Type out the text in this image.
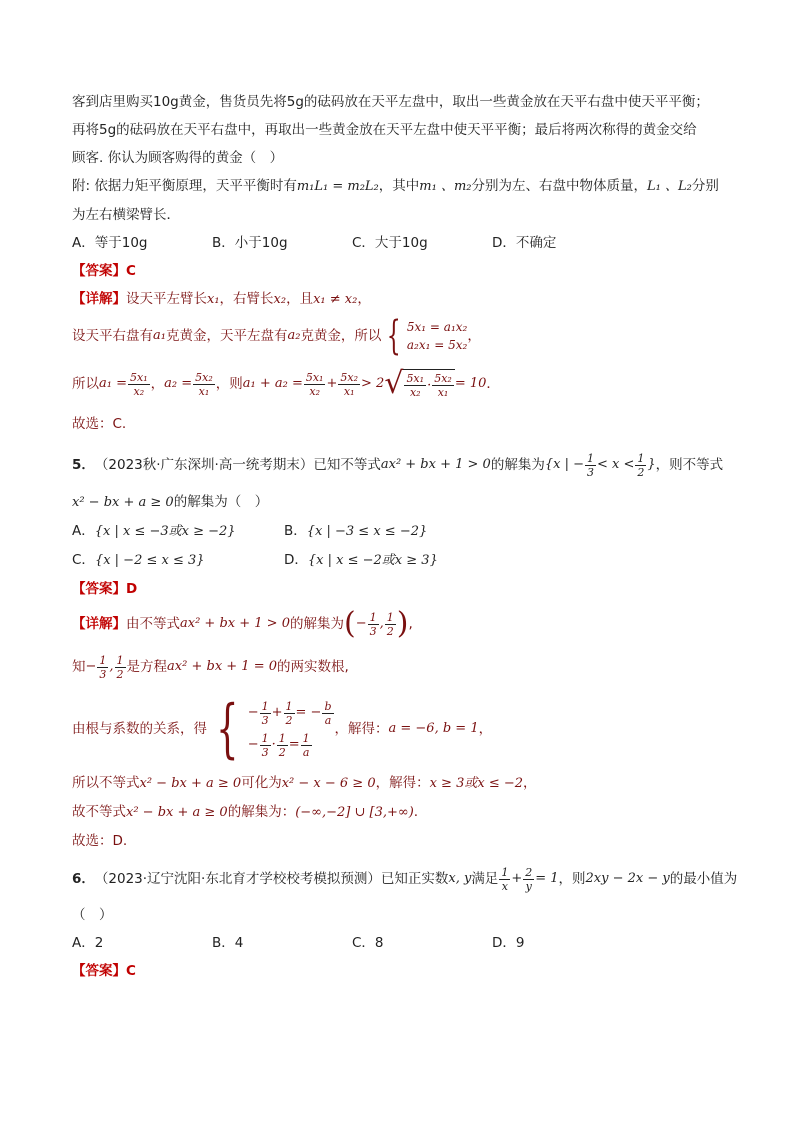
客到店里购买10g黄金，售货员先将5g的砝码放在天平左盘中，取出一些黄金放在天平右盘中使天平平衡；
再将5g的砝码放在天平右盘中，再取出一些黄金放在天平左盘中使天平平衡；最后将两次称得的黄金交给
顾客. 你认为顾客购得的黄金（　）
附: 依据力矩平衡原理，天平平衡时有m₁L₁ = m₂L₂，其中m₁ 、m₂分别为左、右盘中物体质量，L₁ 、L₂分别
为左右横梁臂长．
A．等于10g	B．小于10g	C．大于10g	D．不确定
【答案】C
【详解】设天平左臂长x₁，右臂长x₂，且x₁ ≠ x₂，
设天平右盘有 a₁ 克黄金，天平左盘有 a₂ 克黄金，所以 { 5x₁ = a₁x₂
a₂x₁ = 5x₂
，
所以 $a_1 = \frac{\text{5x₁}}{\text{x₂}}$ ， $a_2 = \frac{\text{5x₂}}{\text{x₁}}$ ，则 $a_1 + a_2 = \frac{\text{5x₁}}{\text{x₂}} + \frac{\text{5x₂}}{\text{x₁}} > 2$ √ $\frac{\text{5x₁}}{\text{x₂}} \cdot \frac{\text{5x₂}}{\text{x₁}} = 10$ ．
故选：C.
5． （2023秋·广东深圳·高一统考期末） 已知不等式 ax² + bx + 1 > 0 的解集为 {x | − $\frac{1}{3} < x < \frac{1}{2}$ } ，则不等式
x² − bx + a ≥ 0的解集为（　）
A．{x | x ≤ −3或x ≥ −2}	B．{x | −3 ≤ x ≤ −2}
C．{x | −2 ≤ x ≤ 3}	D．{x | x ≤ −2或x ≥ 3}
【答案】D
【详解】 由不等式 ax² + bx + 1 > 0 的解集为 ( − $\frac{1}{3}$ , $\frac{1}{2}$ ) ,
知 − $\frac{1}{3}$ , $\frac{1}{2}$ 是方程 ax² + bx + 1 = 0 的两实数根,
由根与系数的关系，得 { − $\frac{1}{3} + \frac{1}{2}$ = − $\frac{b}{a}$
− $\frac{1}{3} \cdot \frac{1}{2} = \frac{1}{a}$
，解得： a = −6, b = 1 ，
所以不等式x² − bx + a ≥ 0可化为x² − x − 6 ≥ 0，解得：x ≥ 3或x ≤ −2，
故不等式x² − bx + a ≥ 0的解集为：(−∞,−2] ∪ [3,+∞).
故选：D.
6． （2023·辽宁沈阳·东北育才学校校考模拟预测） 已知正实数 x, y 满足 $\frac{1}{x} + \frac{2}{y} = 1$ ，则 2xy − 2x − y 的最小值为
（　）
A．2	B．4	C．8	D．9
【答案】C
